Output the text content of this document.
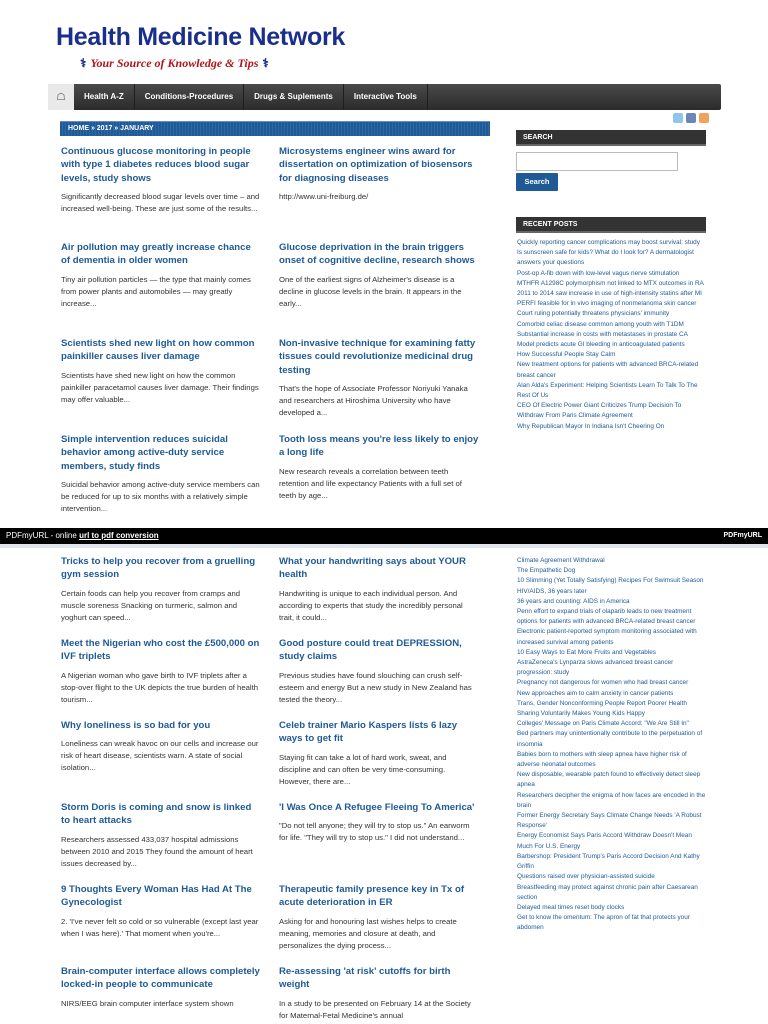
Health Medicine Network
⚕ Your Source of Knowledge & Tips ⚕
☖	Health A-Z	Conditions-Procedures	Drugs & Suplements	Interactive Tools
HOME » 2017 » JANUARY
Continuous glucose monitoring in people with type 1 diabetes reduces blood sugar levels, study shows

Significantly decreased blood sugar levels over time – and increased well-being. These are just some of the results...

Microsystems engineer wins award for dissertation on optimization of biosensors for diagnosing diseases

http://www.uni-freiburg.de/

Air pollution may greatly increase chance of dementia in older women

Tiny air pollution particles — the type that mainly comes from power plants and automobiles — may greatly increase...

Glucose deprivation in the brain triggers onset of cognitive decline, research shows

One of the earliest signs of Alzheimer's disease is a decline in glucose levels in the brain. It appears in the early...

Scientists shed new light on how common painkiller causes liver damage

Scientists have shed new light on how the common painkiller paracetamol causes liver damage. Their findings may offer valuable...

Non-invasive technique for examining fatty tissues could revolutionize medicinal drug testing

That's the hope of Associate Professor Noriyuki Yanaka and researchers at Hiroshima University who have developed a...

Simple intervention reduces suicidal behavior among active-duty service members, study finds

Suicidal behavior among active-duty service members can be reduced for up to six months with a relatively simple intervention...

Tooth loss means you're less likely to enjoy a long life

New research reveals a correlation between teeth retention and life expectancy Patients with a full set of teeth by age...

SEARCH
Search
RECENT POSTS
Quickly reporting cancer complications may boost survival: study
Is sunscreen safe for kids? What do I look for? A dermatologist answers your questions
Post-op A-fib down with low-level vagus nerve stimulation
MTHFR A1298C polymorphism not linked to MTX outcomes in RA
2011 to 2014 saw increase in use of high-intensity statins after MI
PERFI feasible for in vivo imaging of nonmelanoma skin cancer
Court ruling potentially threatens physicians' immunity
Comorbid celiac disease common among youth with T1DM
Substantial increase in costs with metastases in prostate CA
Model predicts acute GI bleeding in anticoagulated patients
How Successful People Stay Calm
New treatment options for patients with advanced BRCA-related breast cancer
Alan Alda's Experiment: Helping Scientists Learn To Talk To The Rest Of Us
CEO Of Electric Power Giant Criticizes Trump Decision To Withdraw From Paris Climate Agreement
Why Republican Mayor In Indiana Isn't Cheering On
PDFmyURL - online url to pdf conversion	PDFmyURL
Tricks to help you recover from a gruelling gym session

Certain foods can help you recover from cramps and muscle soreness Snacking on turmeric, salmon and yoghurt can speed...

What your handwriting says about YOUR health

Handwriting is unique to each individual person. And according to experts that study the incredibly personal trait, it could...

Meet the Nigerian who cost the £500,000 on IVF triplets

A Nigerian woman who gave birth to IVF triplets after a stop-over flight to the UK depicts the true burden of health tourism...

Good posture could treat DEPRESSION, study claims

Previous studies have found slouching can crush self-esteem and energy But a new study in New Zealand has tested the theory...

Why loneliness is so bad for you

Loneliness can wreak havoc on our cells and increase our risk of heart disease, scientists warn. A state of social isolation...

Celeb trainer Mario Kaspers lists 6 lazy ways to get fit

Staying fit can take a lot of hard work, sweat, and discipline and can often be very time-consuming. However, there are...

Storm Doris is coming and snow is linked to heart attacks

Researchers assessed 433,037 hospital admissions between 2010 and 2015 They found the amount of heart issues decreased by...

'I Was Once A Refugee Fleeing To America'

"Do not tell anyone; they will try to stop us." An earworm for life. "They will try to stop us." I did not understand...

9 Thoughts Every Woman Has Had At The Gynecologist

2. 'I've never felt so cold or so vulnerable (except last year when I was here).' That moment when you're...

Therapeutic family presence key in Tx of acute deterioration in ER

Asking for and honouring last wishes helps to create meaning, memories and closure at death, and personalizes the dying process...

Brain-computer interface allows completely locked-in people to communicate

NIRS/EEG brain computer interface system shown

Re-assessing 'at risk' cutoffs for birth weight

In a study to be presented on February 14 at the Society for Maternal-Fetal Medicine's annual

Climate Agreement Withdrawal
The Empathetic Dog
10 Slimming (Yet Totally Satisfying) Recipes For Swimsuit Season
HIV/AIDS, 36 years later
36 years and counting: AIDS in America
Penn effort to expand trials of olaparib leads to new treatment options for patients with advanced BRCA-related breast cancer
Electronic patient-reported symptom monitoring associated with increased survival among patients
10 Easy Ways to Eat More Fruits and Vegetables
AstraZeneca's Lynparza slows advanced breast cancer progression: study
Pregnancy not dangerous for women who had breast cancer
New approaches aim to calm anxiety in cancer patients
Trans, Gender Nonconforming People Report Poorer Health
Sharing Voluntarily Makes Young Kids Happy
Colleges' Message on Paris Climate Accord: "We Are Still In"
Bed partners may unintentionally contribute to the perpetuation of insomnia
Babies born to mothers with sleep apnea have higher risk of adverse neonatal outcomes
New disposable, wearable patch found to effectively detect sleep apnea
Researchers decipher the enigma of how faces are encoded in the brain
Former Energy Secretary Says Climate Change Needs 'A Robust Response'
Energy Economist Says Paris Accord Withdraw Doesn't Mean Much For U.S. Energy
Barbershop: President Trump's Paris Accord Decision And Kathy Griffin
Questions raised over physician-assisted suicide
Breastfeeding may protect against chronic pain after Caesarean section
Delayed meal times reset body clocks
Get to know the omentum: The apron of fat that protects your abdomen
